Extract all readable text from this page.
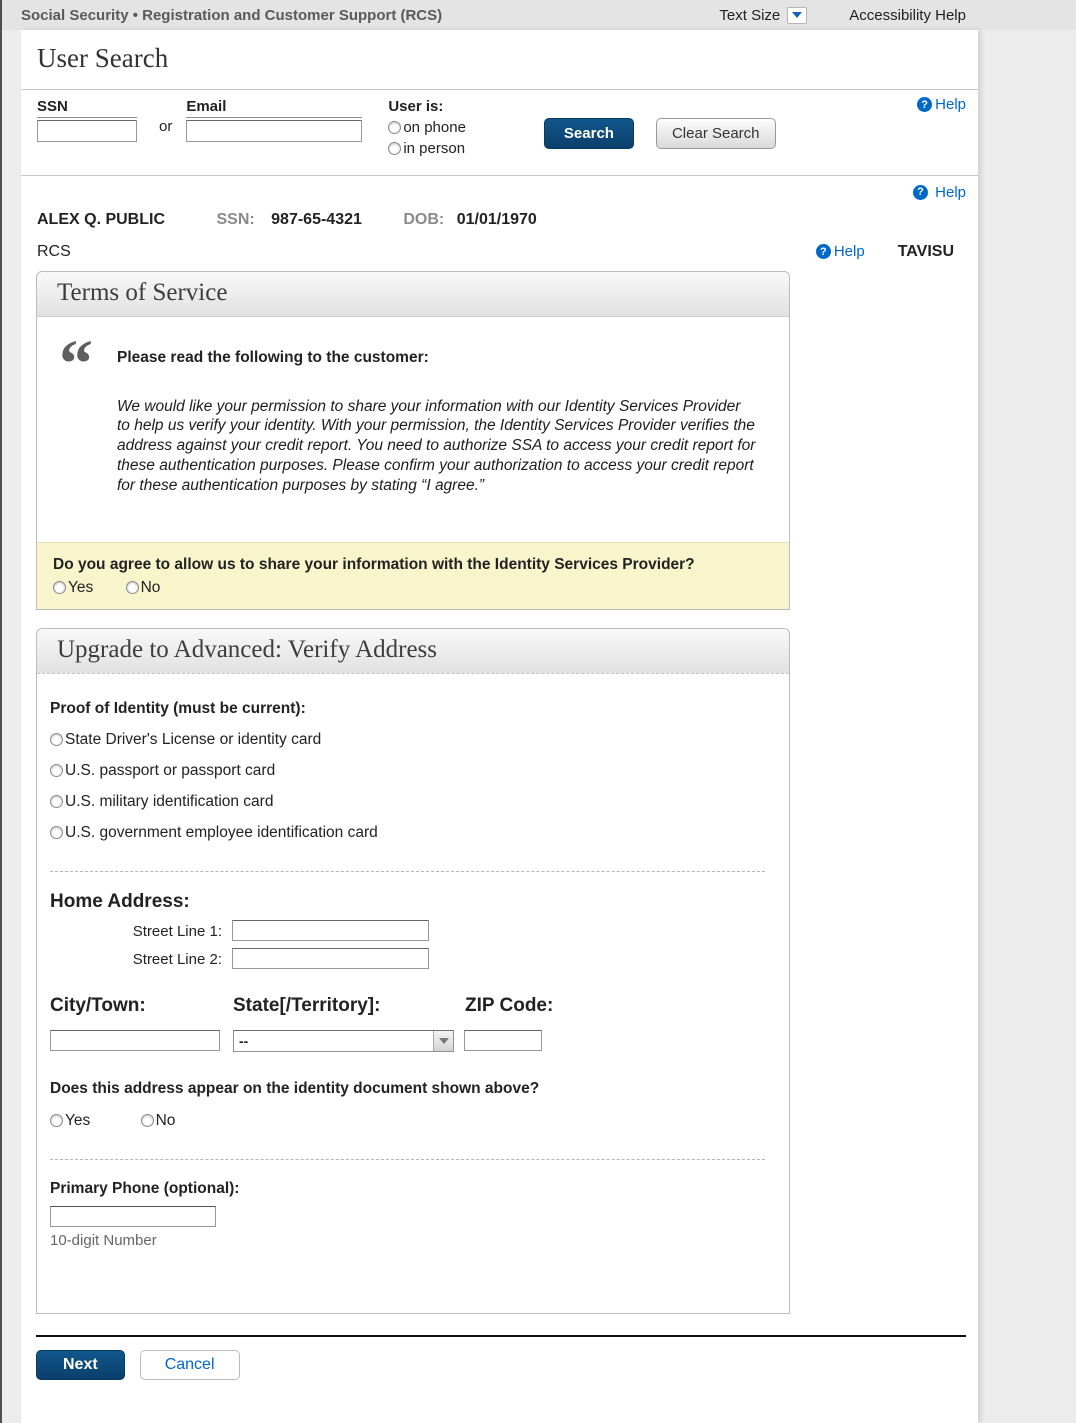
Social Security • Registration and Customer Support (RCS)	Text Size	Accessibility Help
User Search
SSN
or
Email	User is:
on phone
in person
Search	Clear Search
? Help
?
Help
ALEX Q. PUBLIC	SSN: 987-65-4321	DOB: 01/01/1970
RCS	? Help TAVISU
Terms of Service
“	Please read the following to the customer:
We would like your permission to share your information with our Identity Services Provider to help us verify your identity. With your permission, the Identity Services Provider verifies the address against your credit report. You need to authorize SSA to access your credit report for these authentication purposes. Please confirm your authorization to access your credit report for these authentication purposes by stating “I agree.”
Do you agree to allow us to share your information with the Identity Services Provider?
Yes	No
Upgrade to Advanced: Verify Address
Proof of Identity (must be current):
State Driver's License or identity card
U.S. passport or passport card
U.S. military identification card
U.S. government employee identification card
Home Address:
Street Line 1:
Street Line 2:
City/Town:	State[/Territory]:	ZIP Code:
--
Does this address appear on the identity document shown above?
Yes	No
Primary Phone (optional):
10-digit Number
Next	Cancel
